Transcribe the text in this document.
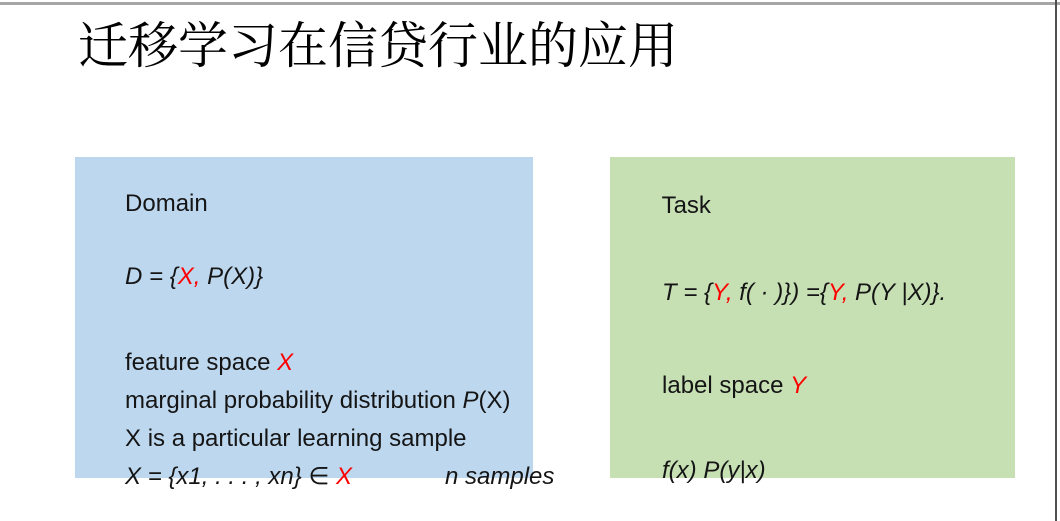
迁移学习在信贷行业的应用

Domain

D = {X, P(X)}

feature space X

marginal probability distribution P(X)

X is a particular learning sample

X = {x1, . . . , xn} ∈ X
	n samples

Task

T = {Y, f( · )}) ={Y, P(Y |X)}.

label space Y

f(x) P(y|x)
